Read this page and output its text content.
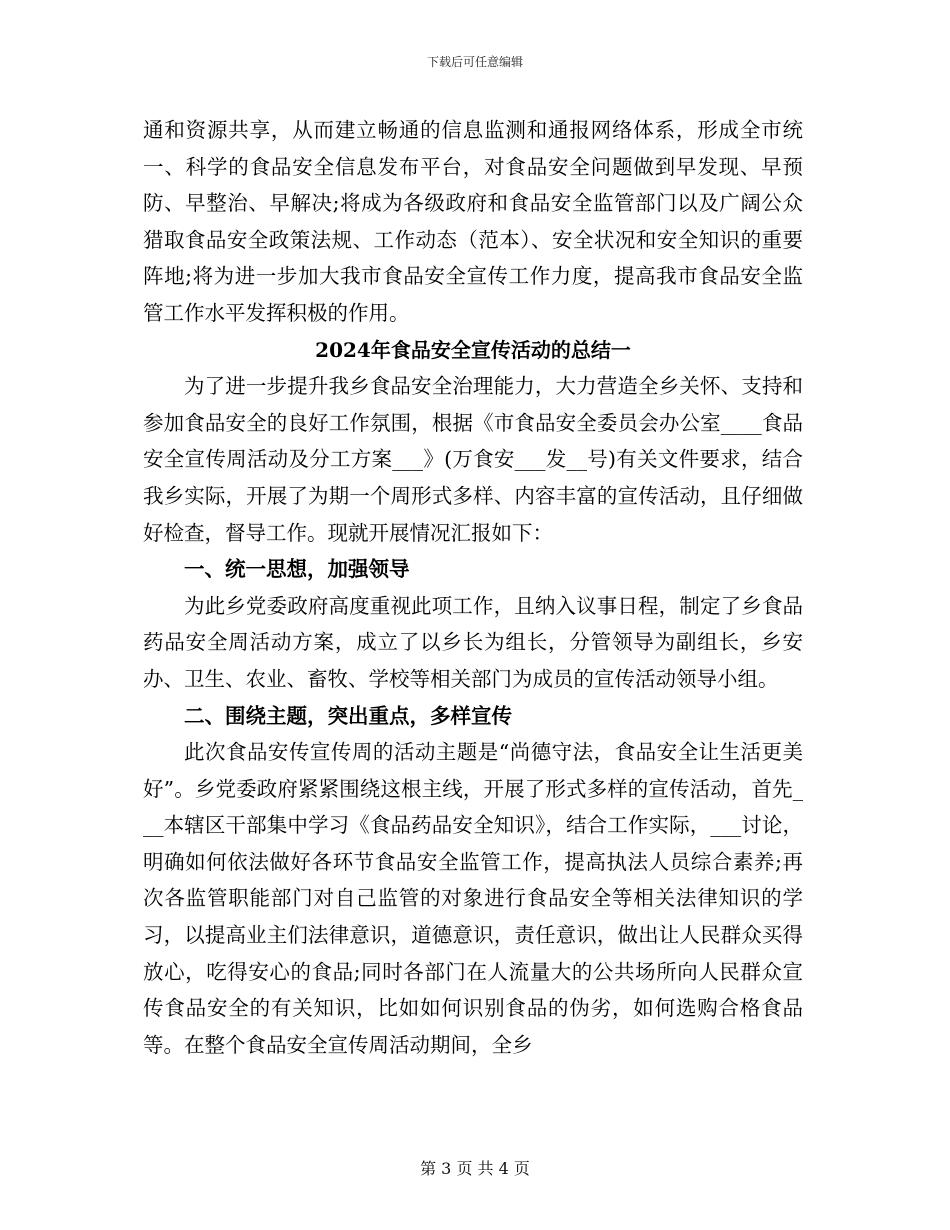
下载后可任意编辑

通和资源共享，从而建立畅通的信息监测和通报网络体系，形成全市统一、科学的食品安全信息发布平台，对食品安全问题做到早发现、早预防、早整治、早解决;将成为各级政府和食品安全监管部门以及广阔公众猎取食品安全政策法规、工作动态（范本）、安全状况和安全知识的重要阵地;将为进一步加大我市食品安全宣传工作力度，提高我市食品安全监管工作水平发挥积极的作用。

2024年食品安全宣传活动的总结一

为了进一步提升我乡食品安全治理能力，大力营造全乡关怀、支持和参加食品安全的良好工作氛围，根据《市食品安全委员会办公室____食品安全宣传周活动及分工方案___》(万食安___发__号)有关文件要求，结合我乡实际，开展了为期一个周形式多样、内容丰富的宣传活动，且仔细做好检查，督导工作。现就开展情况汇报如下：

一、统一思想，加强领导

为此乡党委政府高度重视此项工作，且纳入议事日程，制定了乡食品药品安全周活动方案，成立了以乡长为组长，分管领导为副组长，乡安办、卫生、农业、畜牧、学校等相关部门为成员的宣传活动领导小组。

二、围绕主题，突出重点，多样宣传

此次食品安传宣传周的活动主题是“尚德守法，食品安全让生活更美好”。乡党委政府紧紧围绕这根主线，开展了形式多样的宣传活动，首先___本辖区干部集中学习《食品药品安全知识》，结合工作实际，___讨论，明确如何依法做好各环节食品安全监管工作，提高执法人员综合素养;再次各监管职能部门对自己监管的对象进行食品安全等相关法律知识的学习，以提高业主们法律意识，道德意识，责任意识，做出让人民群众买得放心，吃得安心的食品;同时各部门在人流量大的公共场所向人民群众宣传食品安全的有关知识，比如如何识别食品的伪劣，如何选购合格食品等。在整个食品安全宣传周活动期间，全乡

第 3 页 共 4 页
